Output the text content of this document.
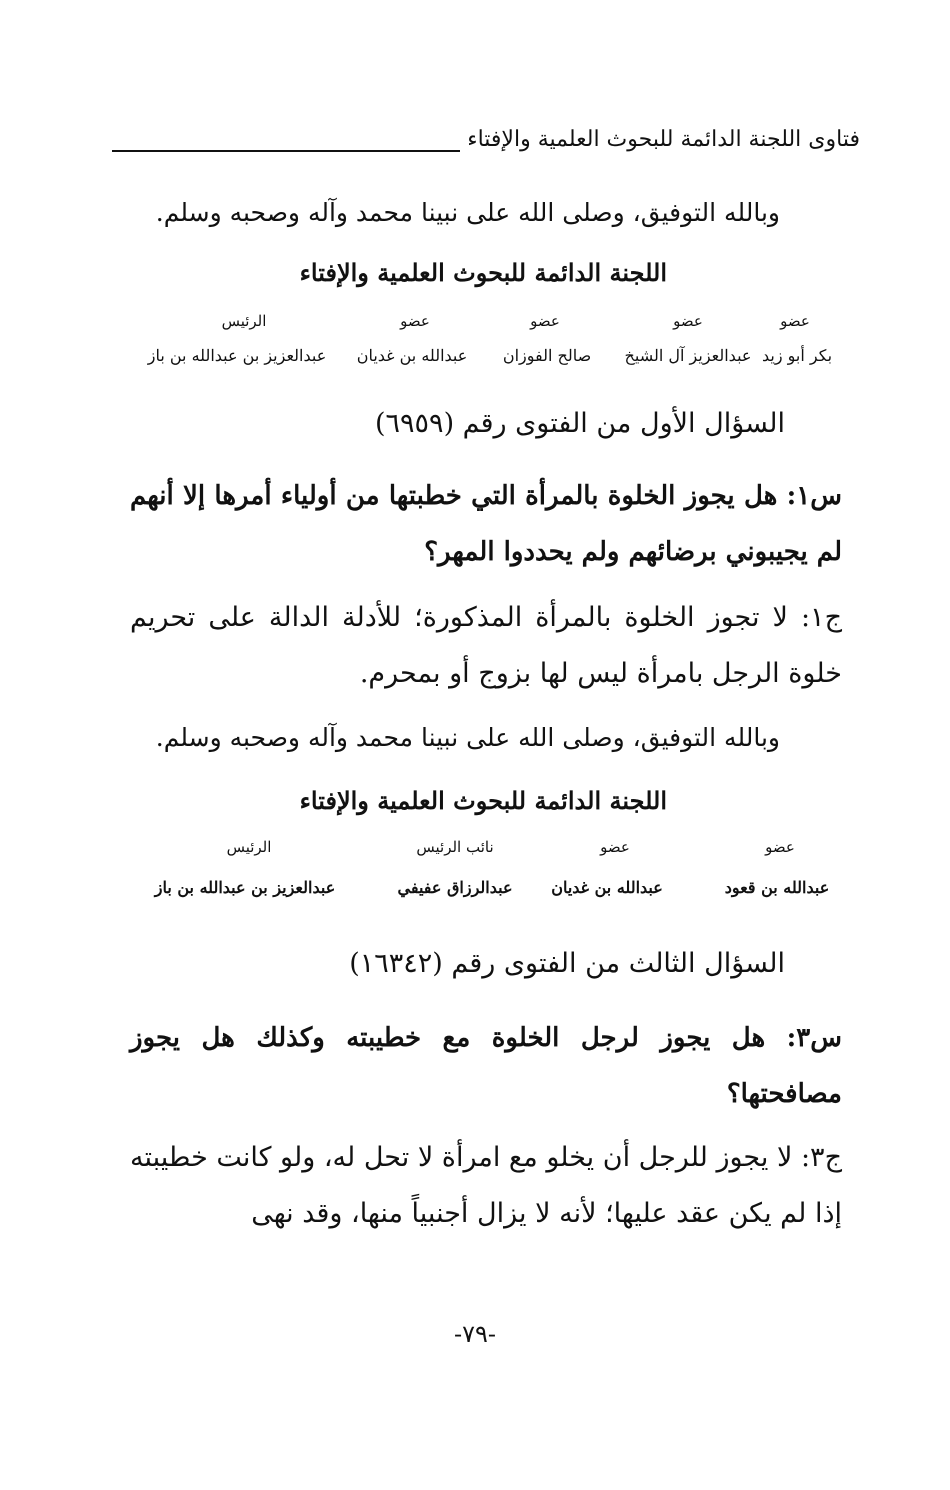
فتاوى اللجنة الدائمة للبحوث العلمية والإفتاء
وبالله التوفيق، وصلى الله على نبينا محمد وآله وصحبه وسلم.
اللجنة الدائمة للبحوث العلمية والإفتاء
عضو
عضو
عضو
عضو
الرئيس
بكر أبو زيد
عبدالعزيز آل الشيخ
صالح الفوزان
عبدالله بن غديان
عبدالعزيز بن عبدالله بن باز
السؤال الأول من الفتوى رقم (٦٩٥٩)
س١: هل يجوز الخلوة بالمرأة التي خطبتها من أولياء أمرها إلا أنهم لم يجيبوني برضائهم ولم يحددوا المهر؟
ج١: لا تجوز الخلوة بالمرأة المذكورة؛ للأدلة الدالة على تحريم خلوة الرجل بامرأة ليس لها بزوج أو بمحرم.
وبالله التوفيق، وصلى الله على نبينا محمد وآله وصحبه وسلم.
اللجنة الدائمة للبحوث العلمية والإفتاء
عضو
عضو
نائب الرئيس
الرئيس
عبدالله بن قعود
عبدالله بن غديان
عبدالرزاق عفيفي
عبدالعزيز بن عبدالله بن باز
السؤال الثالث من الفتوى رقم (١٦٣٤٢)
س٣: هل يجوز لرجل الخلوة مع خطيبته وكذلك هل يجوز مصافحتها؟
ج٣: لا يجوز للرجل أن يخلو مع امرأة لا تحل له، ولو كانت خطيبته إذا لم يكن عقد عليها؛ لأنه لا يزال أجنبياً منها، وقد نهى
-٧٩-
